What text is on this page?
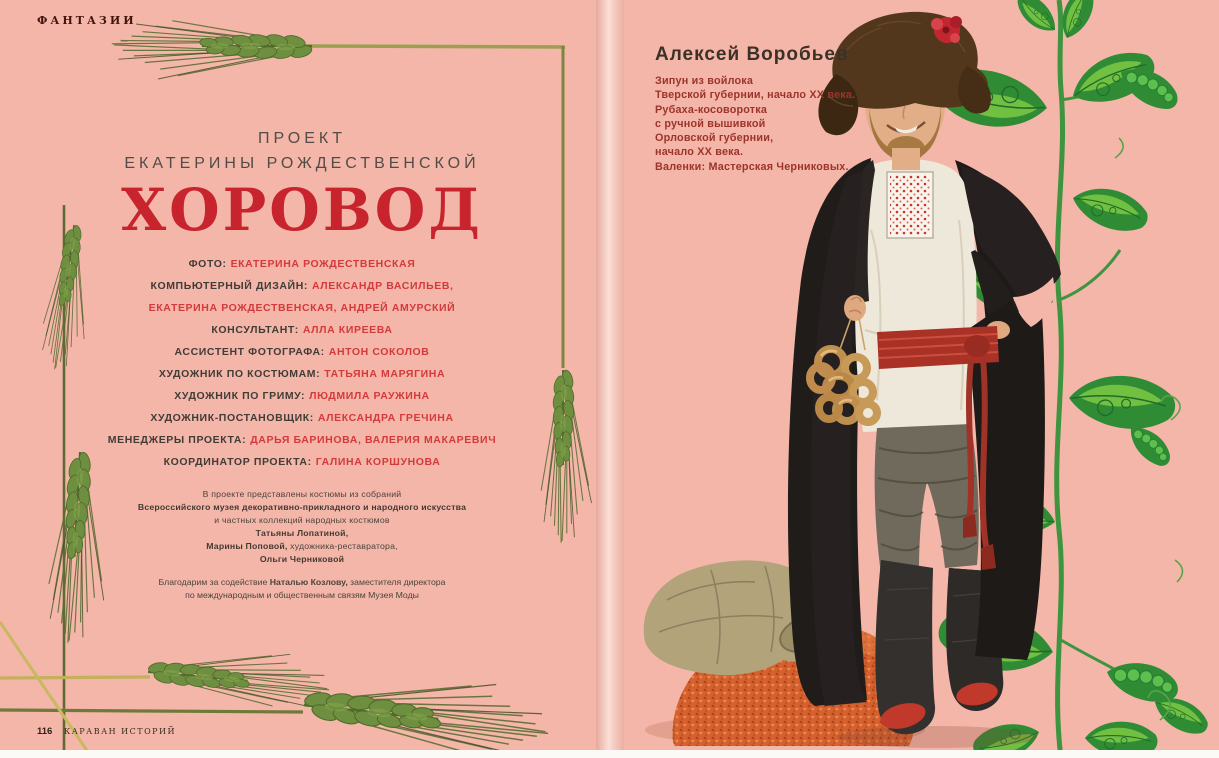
ФАНТАЗИИ
ПРОЕКТ
ЕКАТЕРИНЫ РОЖДЕСТВЕНСКОЙ
ХОРОВОД
ФОТО: ЕКАТЕРИНА РОЖДЕСТВЕНСКАЯ
КОМПЬЮТЕРНЫЙ ДИЗАЙН: АЛЕКСАНДР ВАСИЛЬЕВ,
ЕКАТЕРИНА РОЖДЕСТВЕНСКАЯ, АНДРЕЙ АМУРСКИЙ
КОНСУЛЬТАНТ: АЛЛА КИРЕЕВА
АССИСТЕНТ ФОТОГРАФА: АНТОН СОКОЛОВ
ХУДОЖНИК ПО КОСТЮМАМ: ТАТЬЯНА МАРЯГИНА
ХУДОЖНИК ПО ГРИМУ: ЛЮДМИЛА РАУЖИНА
ХУДОЖНИК-ПОСТАНОВЩИК: АЛЕКСАНДРА ГРЕЧИНА
МЕНЕДЖЕРЫ ПРОЕКТА: ДАРЬЯ БАРИНОВА, ВАЛЕРИЯ МАКАРЕВИЧ
КООРДИНАТОР ПРОЕКТА: ГАЛИНА КОРШУНОВА
В проекте представлены костюмы из собраний
Всероссийского музея декоративно-прикладного и народного искусства
и частных коллекций народных костюмов
Татьяны Лопатиной,
Марины Поповой, художника-реставратора,
Ольги Черниковой
Благодарим за содействие Наталью Козлову, заместителя директора
по международным и общественным связям Музея Моды
116 КАРАВАН ИСТОРИЙ
Алексей Воробьев
Зипун из войлока
Тверской губернии, начало XX века.
Рубаха-косоворотка
с ручной вышивкой
Орловской губернии,
начало XX века.
Валенки: Мастерская Черниковых.
